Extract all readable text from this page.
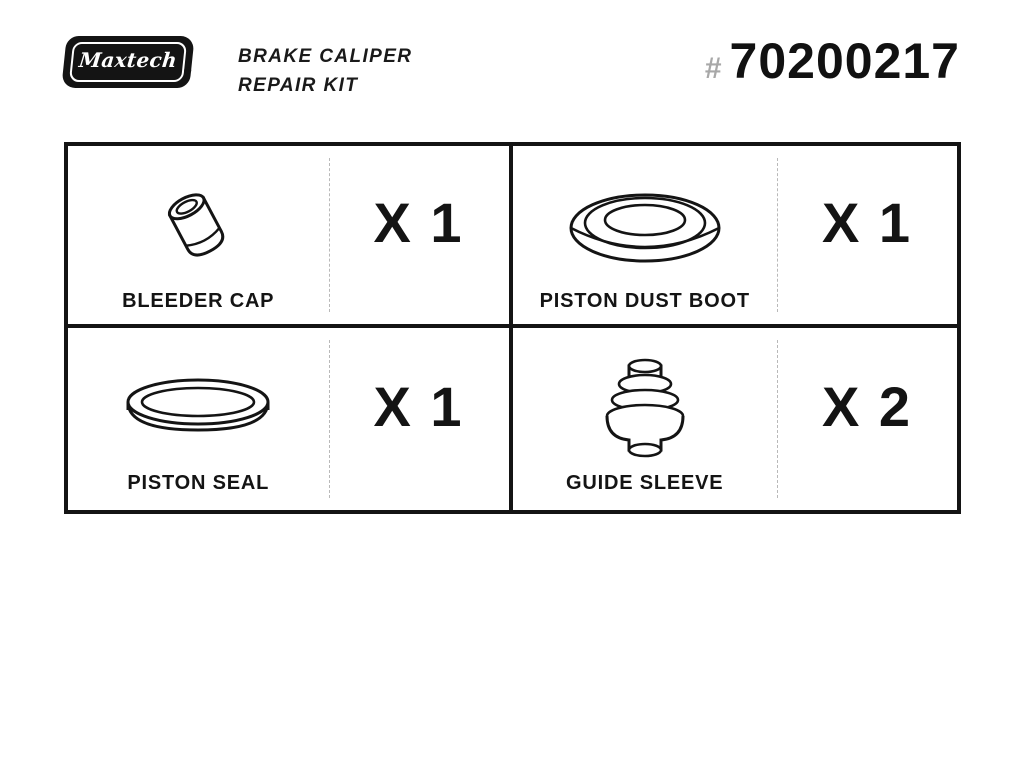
Maxtech ®
BRAKE CALIPER
REPAIR KIT
# 70200217
BLEEDER CAP
X 1
PISTON DUST BOOT
X 1
PISTON SEAL
X 1
GUIDE SLEEVE
X 2
